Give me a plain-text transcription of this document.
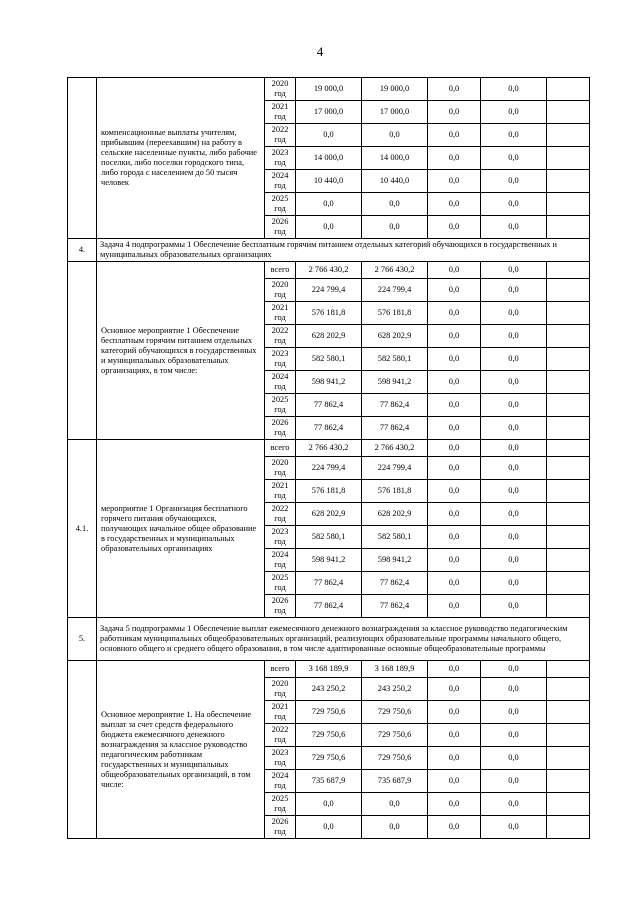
4
	компенсационные выплаты учителям, прибывшим (переехавшим) на работу в сельские населенные пункты, либо рабочие поселки, либо поселки городского типа, либо города с населением до 50 тысяч человек	2020 год	19 000,0	19 000,0	0,0	0,0	
		2021 год	17 000,0	17 000,0	0,0	0,0	
		2022 год	0,0	0,0	0,0	0,0	
		2023 год	14 000,0	14 000,0	0,0	0,0	
		2024 год	10 440,0	10 440,0	0,0	0,0	
		2025 год	0,0	0,0	0,0	0,0	
		2026 год	0,0	0,0	0,0	0,0	
4.	Задача 4 подпрограммы 1 Обеспечение бесплатным горячим питанием отдельных категорий обучающихся в государственных и муниципальных образовательных организациях						
	Основное мероприятие 1 Обеспечение бесплатным горячим питанием отдельных категорий обучающихся в государственных и муниципальных образовательных организациях, в том числе:	всего	2 766 430,2	2 766 430,2	0,0	0,0	
		2020 год	224 799,4	224 799,4	0,0	0,0	
		2021 год	576 181,8	576 181,8	0,0	0,0	
		2022 год	628 202,9	628 202,9	0,0	0,0	
		2023 год	582 580,1	582 580,1	0,0	0,0	
		2024 год	598 941,2	598 941,2	0,0	0,0	
		2025 год	77 862,4	77 862,4	0,0	0,0	
		2026 год	77 862,4	77 862,4	0,0	0,0	
4.1.	мероприятие 1 Организация бесплатного горячего питания обучающихся, получающих начальное общее образование в государственных и муниципальных образовательных организациях	всего	2 766 430,2	2 766 430,2	0,0	0,0	
		2020 год	224 799,4	224 799,4	0,0	0,0	
		2021 год	576 181,8	576 181,8	0,0	0,0	
		2022 год	628 202,9	628 202,9	0,0	0,0	
		2023 год	582 580,1	582 580,1	0,0	0,0	
		2024 год	598 941,2	598 941,2	0,0	0,0	
		2025 год	77 862,4	77 862,4	0,0	0,0	
		2026 год	77 862,4	77 862,4	0,0	0,0	
5.	Задача 5 подпрограммы 1 Обеспечение выплат ежемесячного денежного вознаграждения за классное руководство педагогическим работникам муниципальных общеобразовательных организаций, реализующих образовательные программы начального общего, основного общего и среднего общего образования, в том числе адаптированные основные общеобразовательные программы						
	Основное мероприятие 1. На обеспечение выплат за счет средств федерального бюджета ежемесячного денежного вознаграждения за классное руководство педагогическим работникам государственных и муниципальных общеобразовательных организаций, в том числе:	всего	3 168 189,9	3 168 189,9	0,0	0,0	
		2020 год	243 250,2	243 250,2	0,0	0,0	
		2021 год	729 750,6	729 750,6	0,0	0,0	
		2022 год	729 750,6	729 750,6	0,0	0,0	
		2023 год	729 750,6	729 750,6	0,0	0,0	
		2024 год	735 687,9	735 687,9	0,0	0,0	
		2025 год	0,0	0,0	0,0	0,0	
		2026 год	0,0	0,0	0,0	0,0	
